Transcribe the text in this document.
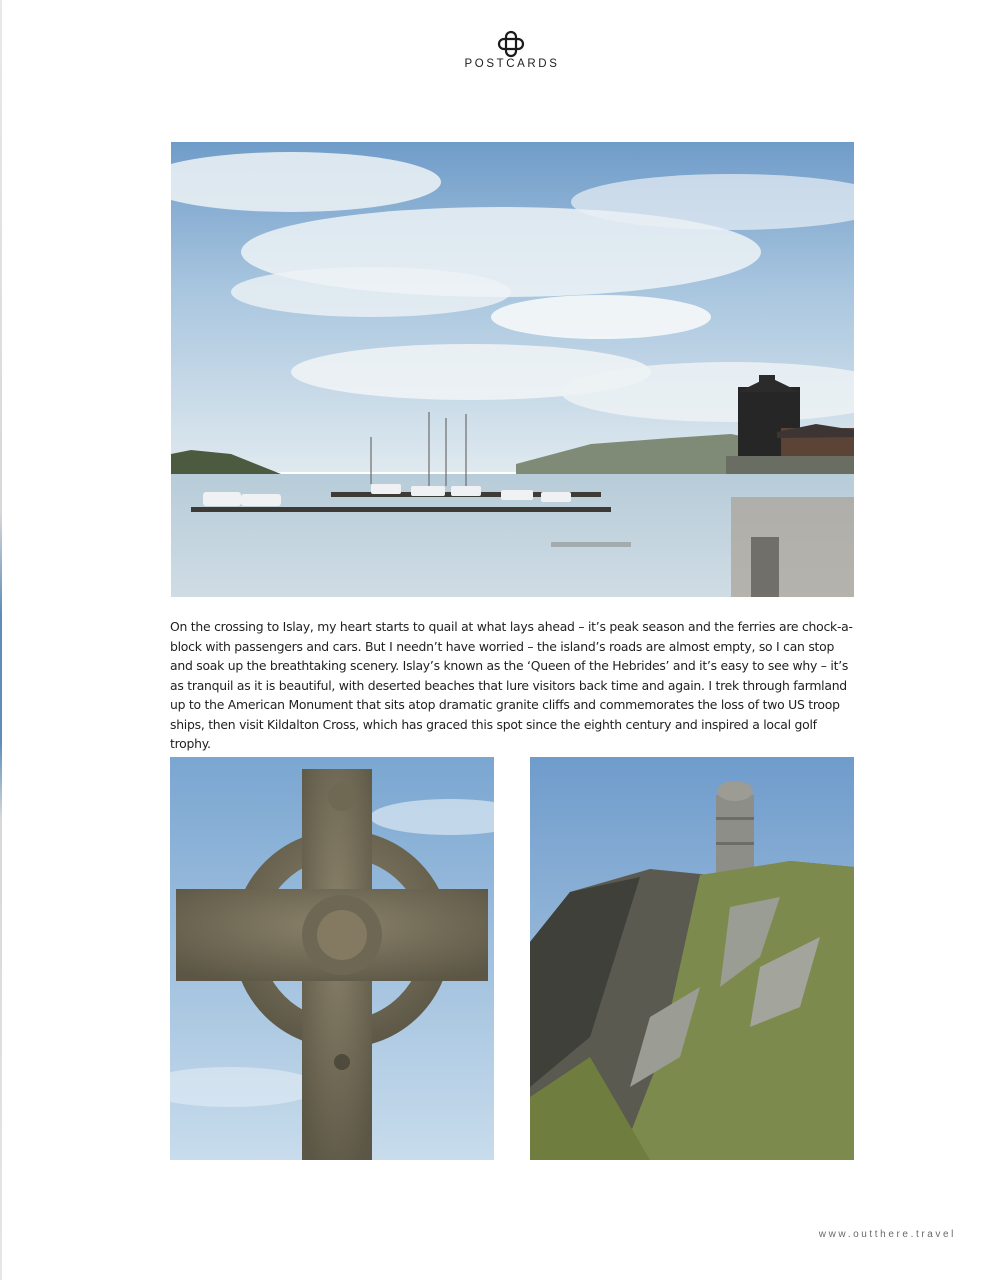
POSTCARDS
On the crossing to Islay, my heart starts to quail at what lays ahead – it’s peak season and the ferries are chock-a-block with passengers and cars. But I needn’t have worried – the island’s roads are almost empty, so I can stop and soak up the breathtaking scenery. Islay’s known as the ‘Queen of the Hebrides’ and it’s easy to see why – it’s as tranquil as it is beautiful, with deserted beaches that lure visitors back time and again. I trek through farmland up to the American Monument that sits atop dramatic granite cliffs and commemorates the loss of two US troop ships, then visit Kildalton Cross, which has graced this spot since the eighth century and inspired a local golf trophy.
www.outthere.travel
